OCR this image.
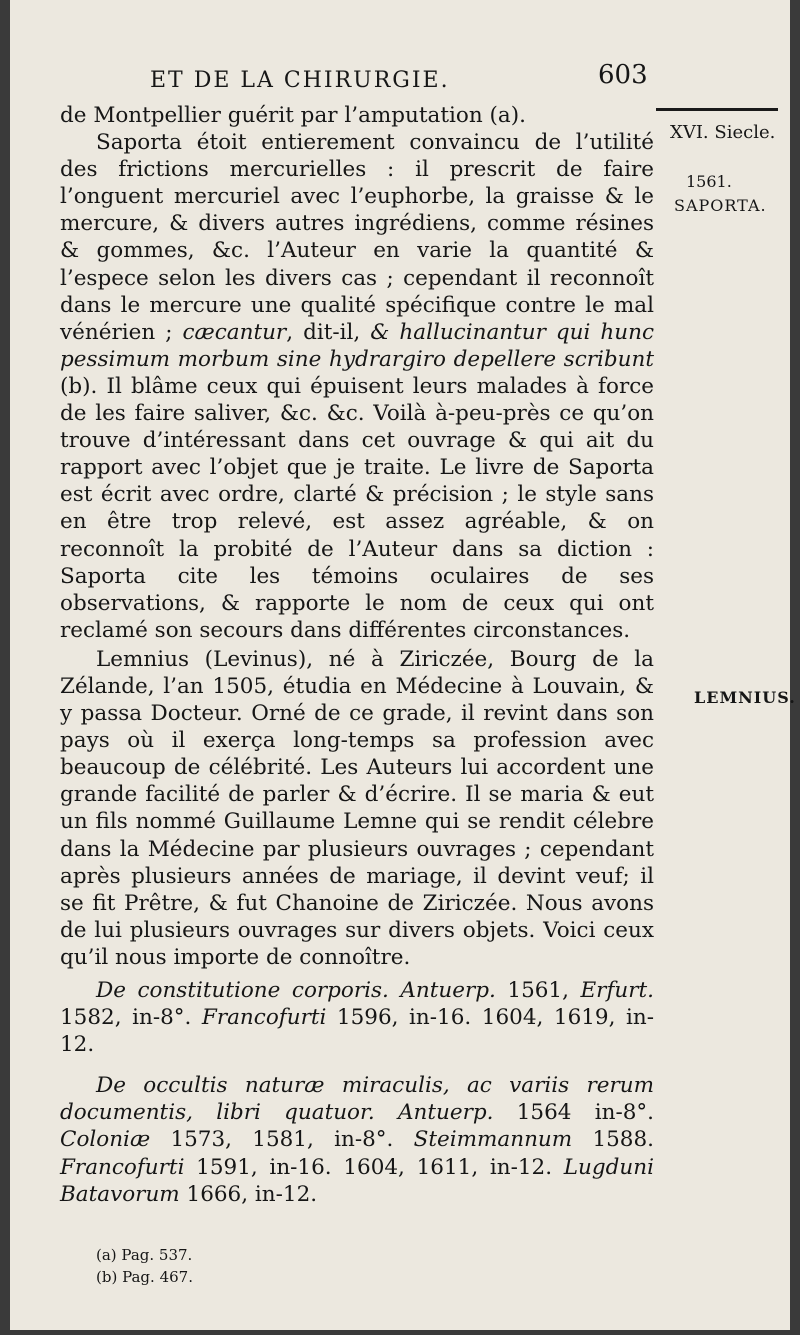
ET DE LA CHIRURGIE.	603
XVI. Siecle.
1561.
SAPORTA.
LEMNIUS.

de Montpellier guérit par l’amputation (a).

Saporta étoit entierement convaincu de l’utilité des frictions mercurielles : il prescrit de faire l’onguent mercuriel avec l’euphorbe, la graisse & le mercure, & divers autres ingrédiens, comme résines & gommes, &c. l’Auteur en varie la quantité & l’espece selon les divers cas ; cependant il reconnoît dans le mercure une qualité spécifique contre le mal vénérien ; cæcantur, dit-il, & hallucinantur qui hunc pessimum morbum sine hydrargiro depellere scribunt (b). Il blâme ceux qui épuisent leurs malades à force de les faire saliver, &c. &c. Voilà à-peu-près ce qu’on trouve d’intéressant dans cet ouvrage & qui ait du rapport avec l’objet que je traite. Le livre de Saporta est écrit avec ordre, clarté & précision ; le style sans en être trop relevé, est assez agréable, & on reconnoît la probité de l’Auteur dans sa diction : Saporta cite les témoins oculaires de ses observations, & rapporte le nom de ceux qui ont reclamé son secours dans différentes circonstances.

Lemnius (Levinus), né à Ziriczée, Bourg de la Zélande, l’an 1505, étudia en Médecine à Louvain, & y passa Docteur. Orné de ce grade, il revint dans son pays où il exerça long-temps sa profession avec beaucoup de célébrité. Les Auteurs lui accordent une grande facilité de parler & d’écrire. Il se maria & eut un fils nommé Guillaume Lemne qui se rendit célebre dans la Médecine par plusieurs ouvrages ; cependant après plusieurs années de mariage, il devint veuf; il se fit Prêtre, & fut Chanoine de Ziriczée. Nous avons de lui plusieurs ouvrages sur divers objets. Voici ceux qu’il nous importe de connoître.

De constitutione corporis. Antuerp. 1561, Erfurt. 1582, in-8°. Francofurti 1596, in-16. 1604, 1619, in-12.

De occultis naturæ miraculis, ac variis rerum documentis, libri quatuor. Antuerp. 1564 in-8°. Coloniæ 1573, 1581, in-8°. Steimmannum 1588. Francofurti 1591, in-16. 1604, 1611, in-12. Lugduni Batavorum 1666, in-12.

(a) Pag. 537.
(b) Pag. 467.
